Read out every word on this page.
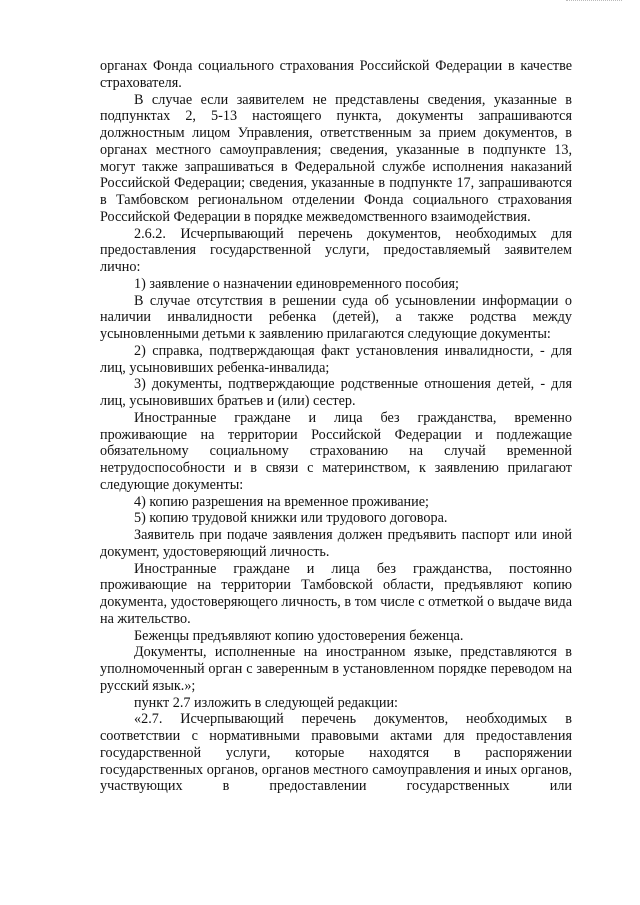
органах Фонда социального страхования Российской Федерации в качестве страхователя.

В случае если заявителем не представлены сведения, указанные в подпунктах 2, 5-13 настоящего пункта, документы запрашиваются должностным лицом Управления, ответственным за прием документов, в органах местного самоуправления; сведения, указанные в подпункте 13, могут также запрашиваться в Федеральной службе исполнения наказаний Российской Федерации; сведения, указанные в подпункте 17, запрашиваются в Тамбовском региональном отделении Фонда социального страхования Российской Федерации в порядке межведомственного взаимодействия.

2.6.2. Исчерпывающий перечень документов, необходимых для предоставления государственной услуги, предоставляемый заявителем лично:

1) заявление о назначении единовременного пособия;

В случае отсутствия в решении суда об усыновлении информации о наличии инвалидности ребенка (детей), а также родства между усыновленными детьми к заявлению прилагаются следующие документы:

2) справка, подтверждающая факт установления инвалидности, - для лиц, усыновивших ребенка-инвалида;

3) документы, подтверждающие родственные отношения детей, - для лиц, усыновивших братьев и (или) сестер.

Иностранные граждане и лица без гражданства, временно проживающие на территории Российской Федерации и подлежащие обязательному социальному страхованию на случай временной нетрудоспособности и в связи с материнством, к заявлению прилагают следующие документы:

4) копию разрешения на временное проживание;

5) копию трудовой книжки или трудового договора.

Заявитель при подаче заявления должен предъявить паспорт или иной документ, удостоверяющий личность.

Иностранные граждане и лица без гражданства, постоянно проживающие на территории Тамбовской области, предъявляют копию документа, удостоверяющего личность, в том числе с отметкой о выдаче вида на жительство.

Беженцы предъявляют копию удостоверения беженца.

Документы, исполненные на иностранном языке, представляются в уполномоченный орган с заверенным в установленном порядке переводом на русский язык.»;

пункт 2.7 изложить в следующей редакции:

«2.7. Исчерпывающий перечень документов, необходимых в соответствии с нормативными правовыми актами для предоставления государственной услуги, которые находятся в распоряжении государственных органов, органов местного самоуправления и иных органов, участвующих в предоставлении государственных или
